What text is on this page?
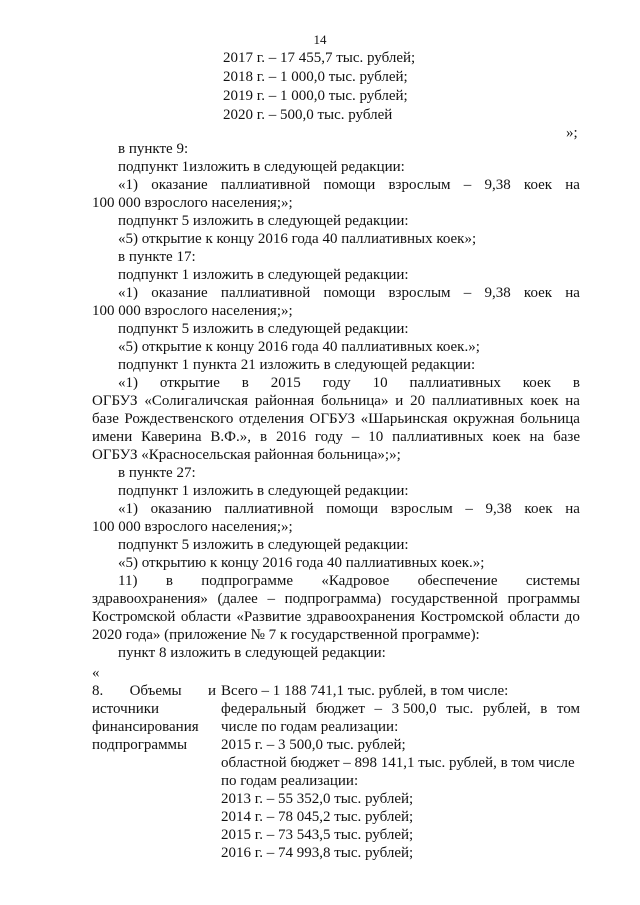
14
2017 г. – 17 455,7 тыс. рублей;
2018 г. – 1 000,0 тыс. рублей;
2019 г. – 1 000,0 тыс. рублей;
2020 г. – 500,0 тыс. рублей
»;
в пункте 9:
подпункт 1изложить в следующей редакции:
«1) оказание паллиативной помощи взрослым – 9,38 коек на
100 000 взрослого населения;»;
подпункт 5 изложить в следующей редакции:
«5) открытие к концу 2016 года 40 паллиативных коек»;
в пункте 17:
подпункт 1 изложить в следующей редакции:
«1) оказание паллиативной помощи взрослым – 9,38 коек на
100 000 взрослого населения;»;
подпункт 5 изложить в следующей редакции:
«5) открытие к концу 2016 года 40 паллиативных коек.»;
подпункт 1 пункта 21 изложить в следующей редакции:
«1) открытие в 2015 году 10 паллиативных коек в
ОГБУЗ «Солигаличская районная больница» и 20 паллиативных коек на
базе Рождественского отделения ОГБУЗ «Шарьинская окружная больница
имени Каверина В.Ф.», в 2016 году – 10 паллиативных коек на базе
ОГБУЗ «Красносельская районная больница»;»;
в пункте 27:
подпункт 1 изложить в следующей редакции:
«1) оказанию паллиативной помощи взрослым – 9,38 коек на
100 000 взрослого населения;»;
подпункт 5 изложить в следующей редакции:
«5) открытию к концу 2016 года 40 паллиативных коек.»;
11) в подпрограмме «Кадровое обеспечение системы
здравоохранения» (далее – подпрограмма) государственной программы
Костромской области «Развитие здравоохранения Костромской области до
2020 года» (приложение № 7 к государственной программе):
пункт 8 изложить в следующей редакции:
«
8. Объемы и
источники
финансирования
подпрограммы
Всего – 1 188 741,1 тыс. рублей, в том числе:
федеральный бюджет – 3 500,0 тыс. рублей, в том
числе по годам реализации:
2015 г. – 3 500,0 тыс. рублей;
областной бюджет – 898 141,1 тыс. рублей, в том числе
по годам реализации:
2013 г. – 55 352,0 тыс. рублей;
2014 г. – 78 045,2 тыс. рублей;
2015 г. – 73 543,5 тыс. рублей;
2016 г. – 74 993,8 тыс. рублей;
